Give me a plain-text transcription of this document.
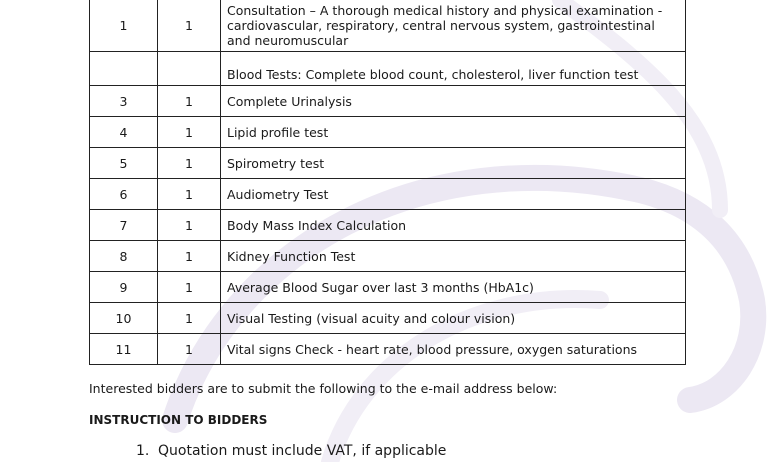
1	1	Consultation – A thorough medical history and physical examination - cardiovascular, respiratory, central nervous system, gastrointestinal and neuromuscular
		Blood Tests: Complete blood count, cholesterol, liver function test
3	1	Complete Urinalysis
4	1	Lipid profile test
5	1	Spirometry test
6	1	Audiometry Test
7	1	Body Mass Index Calculation
8	1	Kidney Function Test
9	1	Average Blood Sugar over last 3 months (HbA1c)
10	1	Visual Testing (visual acuity and colour vision)
11	1	Vital signs Check - heart rate, blood pressure, oxygen saturations
Interested bidders are to submit the following to the e-mail address below:
INSTRUCTION TO BIDDERS
1. Quotation must include VAT, if applicable
